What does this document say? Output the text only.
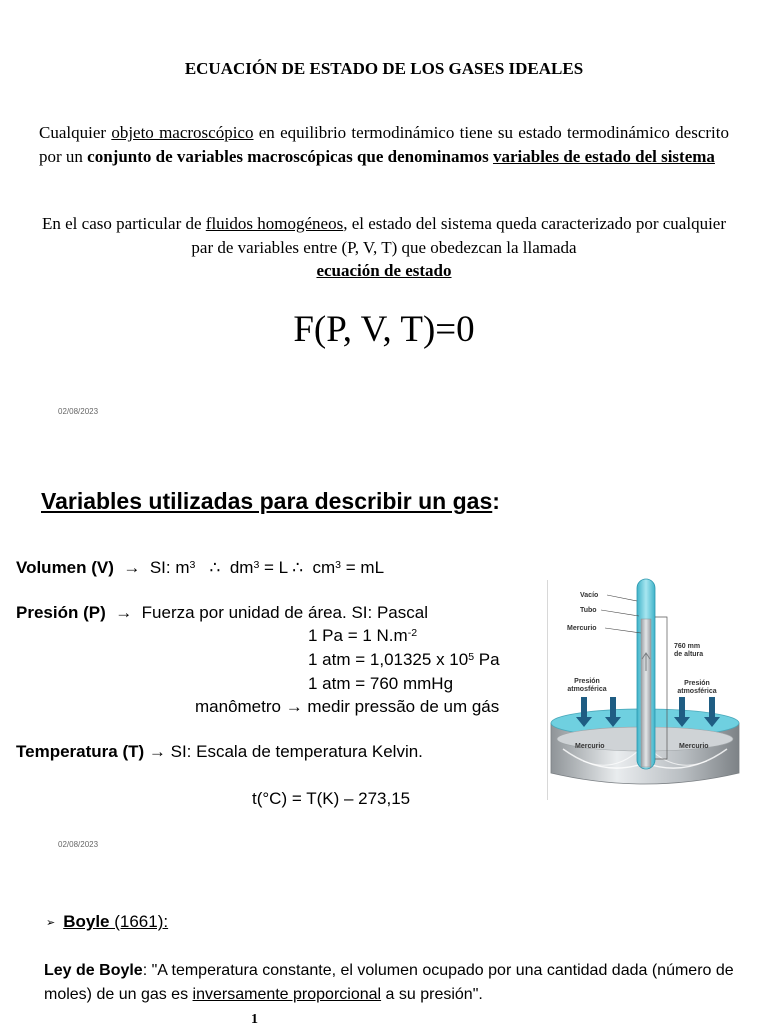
ECUACIÓN DE ESTADO DE LOS GASES IDEALES
Cualquier objeto macroscópico en equilibrio termodinámico tiene su estado termodinámico descrito por un conjunto de variables macroscópicas que denominamos variables de estado del sistema
En el caso particular de fluidos homogéneos, el estado del sistema queda caracterizado por cualquier par de variables entre (P, V, T) que obedezcan la llamada
ecuación de estado
F(P, V, T)=0
02/08/2023
Variables utilizadas para describir un gas:
Volumen (V) → SI: $m^3$ ∴ $dm^3 = L$ ∴ $cm^3$ = mL
Presión (P) → Fuerza por unidad de área. SI: Pascal
1 Pa = 1 $N.m^{-2}$
1 atm = 1,01325 x $10^5$ Pa
1 atm = 760 mmHg
manômetro → medir pressão de um gás
Temperatura (T) → SI: Escala de temperatura Kelvin.
t(°C) = T(K) – 273,15
Vacío
Tubo
Mercurio
760 mm
de altura
Presión
atmosférica
Presión
atmosférica
Mercurio	Mercurio
02/08/2023
➢ Boyle (1661):
Ley de Boyle: "A temperatura constante, el volumen ocupado por una cantidad dada (número de moles) de un gas es inversamente proporcional a su presión".
1
